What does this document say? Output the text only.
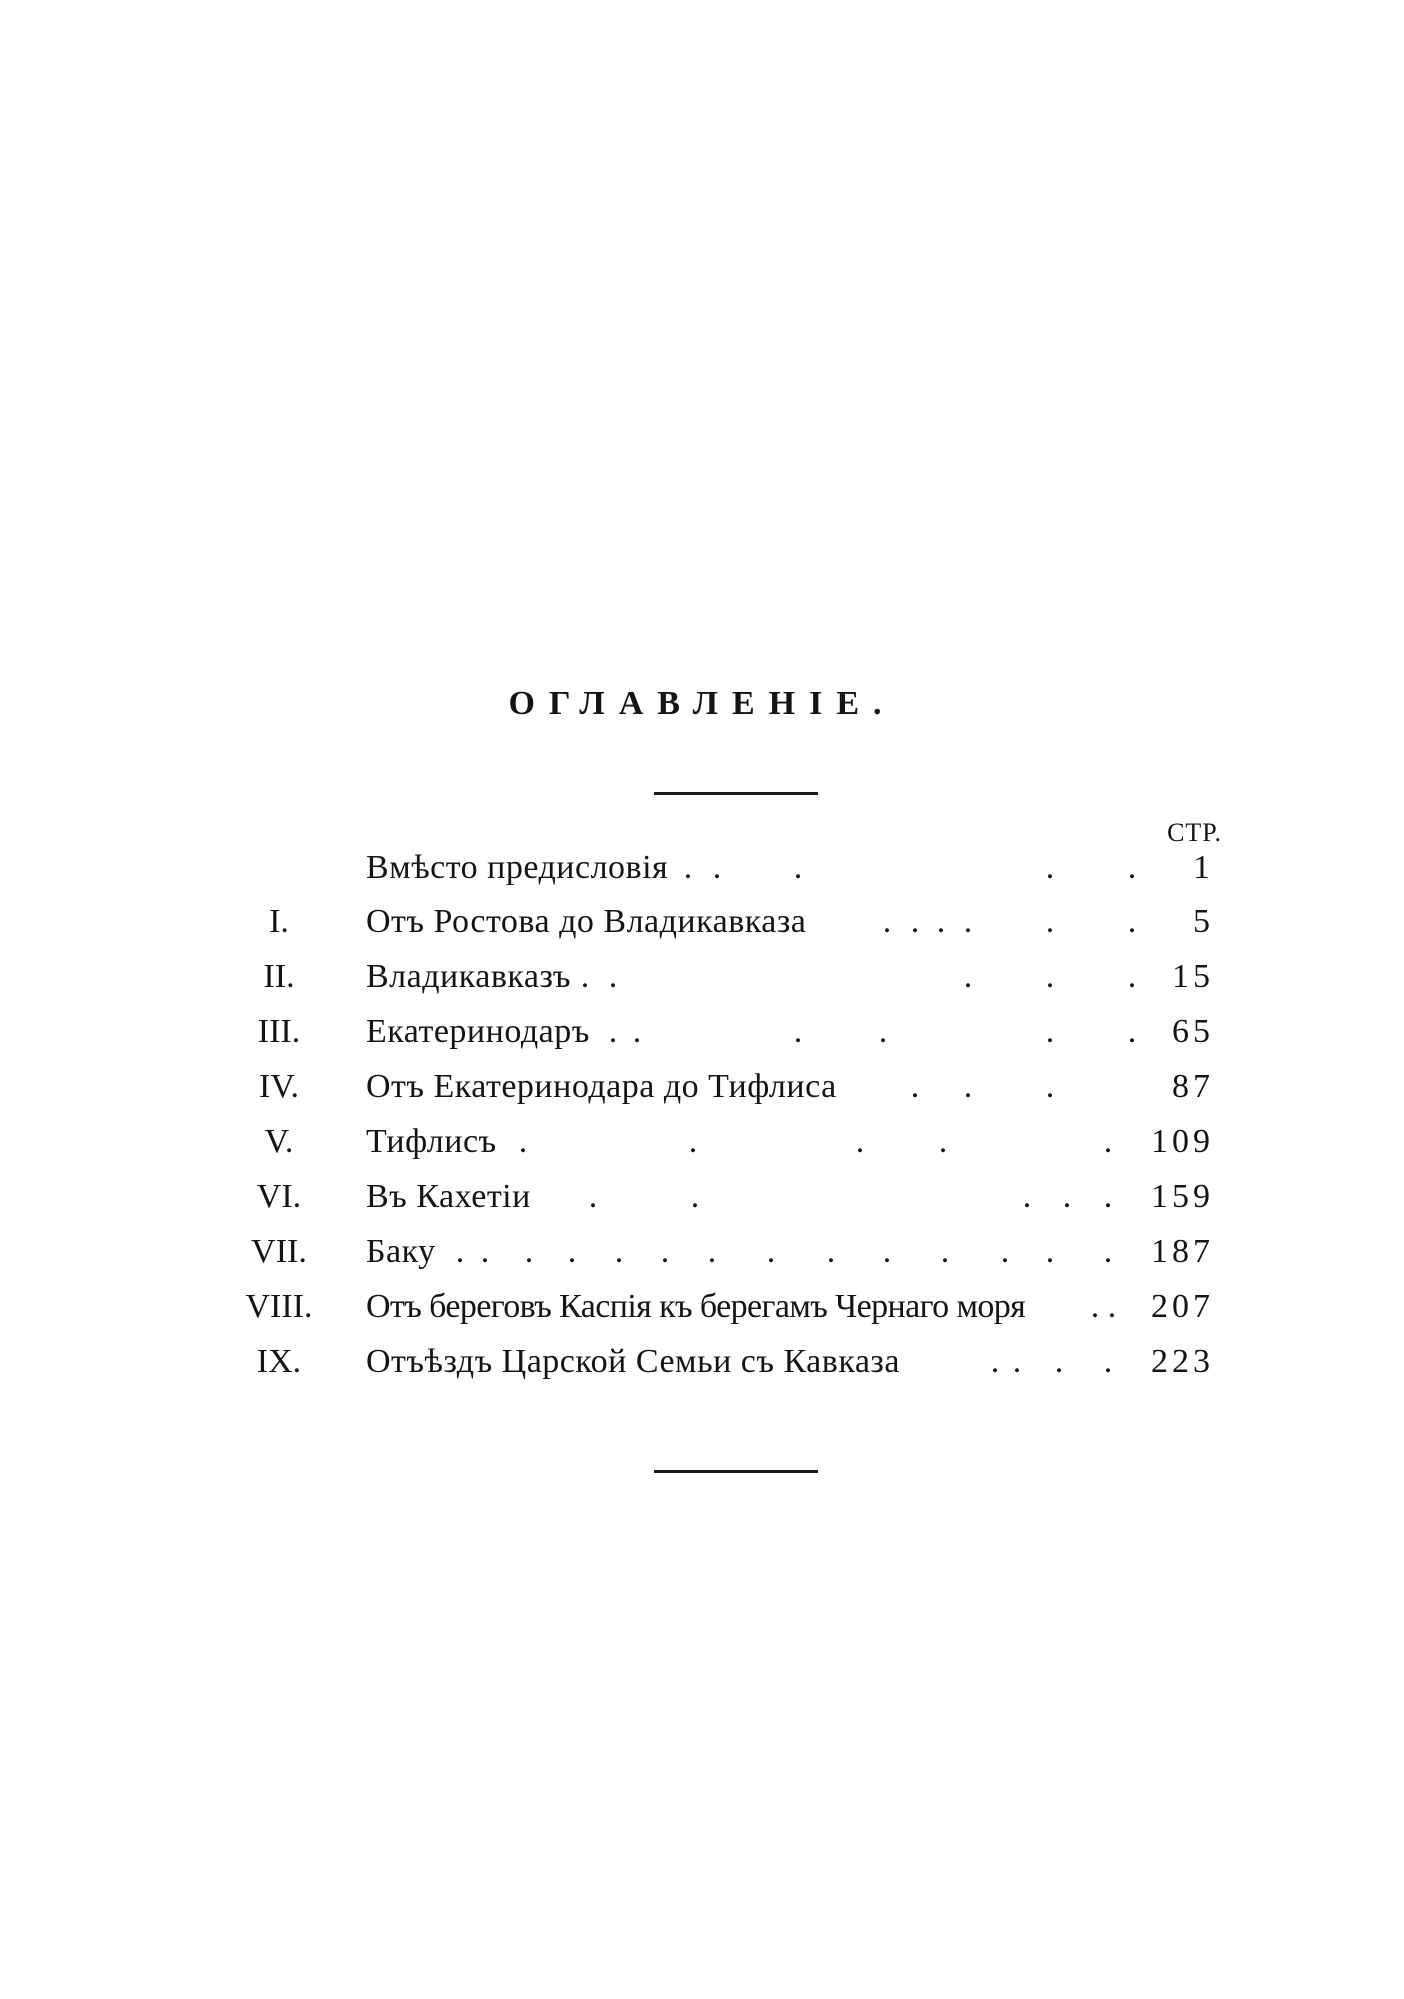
ОГЛАВЛЕНІЕ.
СТР.
Вмѣсто предисловія . . .	. .	1
I.	Отъ Ростова до Владикавказа . . . . . .	5
II.	Владикавказъ . .	. . .	15
III.	Екатеринодаръ . .	. .	. .	65
IV.	Отъ Екатеринодара до Тифлиса . . .	87
V.	Тифлисъ .	.	. .	.	109
VI.	Въ Кахетіи .	.	. . .	159
VII.	Баку . . . . . . . . . . . . . .	187
VIII. Отъ береговъ Каспія къ берегамъ Чернаго моря . .	207
IX.	Отъѣздъ Царской Семьи съ Кавказа	. . . .	223
